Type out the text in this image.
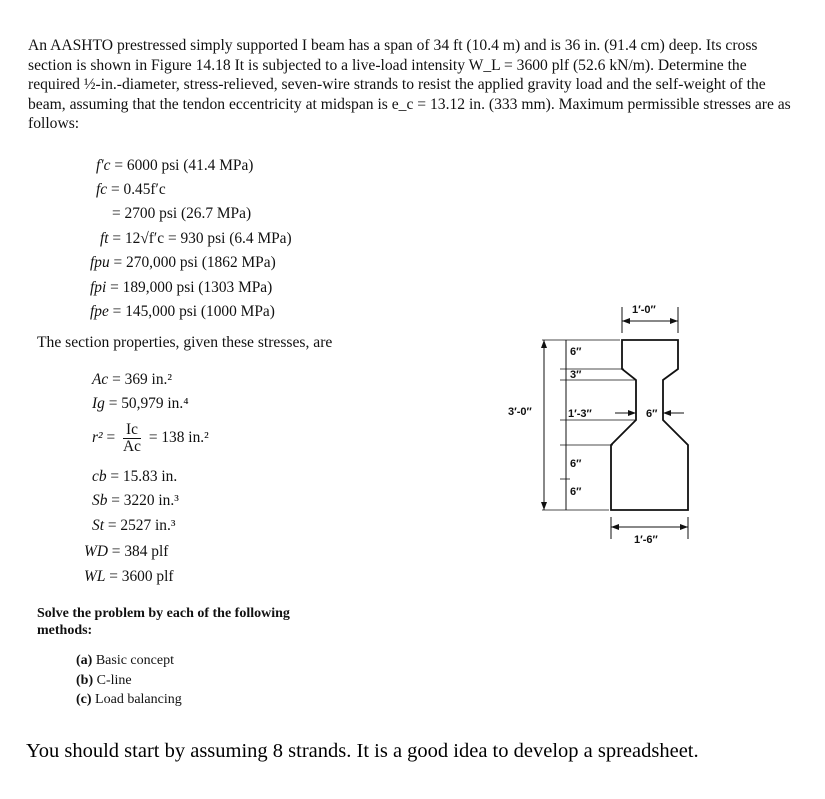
An AASHTO prestressed simply supported I beam has a span of 34 ft (10.4 m) and is 36 in. (91.4 cm) deep. Its cross section is shown in Figure 14.18 It is subjected to a live-load intensity W_L = 3600 plf (52.6 kN/m). Determine the required ½-in.-diameter, stress-relieved, seven-wire strands to resist the applied gravity load and the self-weight of the beam, assuming that the tendon eccentricity at midspan is e_c = 13.12 in. (333 mm). Maximum permissible stresses are as follows:

f′c = 6000 psi (41.4 MPa)
fc = 0.45f′c
= 2700 psi (26.7 MPa)
ft = 12√f′c = 930 psi (6.4 MPa)
fpu = 270,000 psi (1862 MPa)
fpi = 189,000 psi (1303 MPa)
fpe = 145,000 psi (1000 MPa)
The section properties, given these stresses, are
Ac = 369 in.²
Ig = 50,979 in.⁴
$r^2 = \frac{Ic}{Ac} = 138$ in.²
cb = 15.83 in.
Sb = 3220 in.³
St = 2527 in.³
WD = 384 plf
WL = 3600 plf
1′-0″
3′-0″
6″
3″
1′-3″
6″
6″
6″
1′-6″
Solve the problem by each of the following methods:
(a) Basic concept
(b) C-line
(c) Load balancing
You should start by assuming 8 strands. It is a good idea to develop a spreadsheet.
